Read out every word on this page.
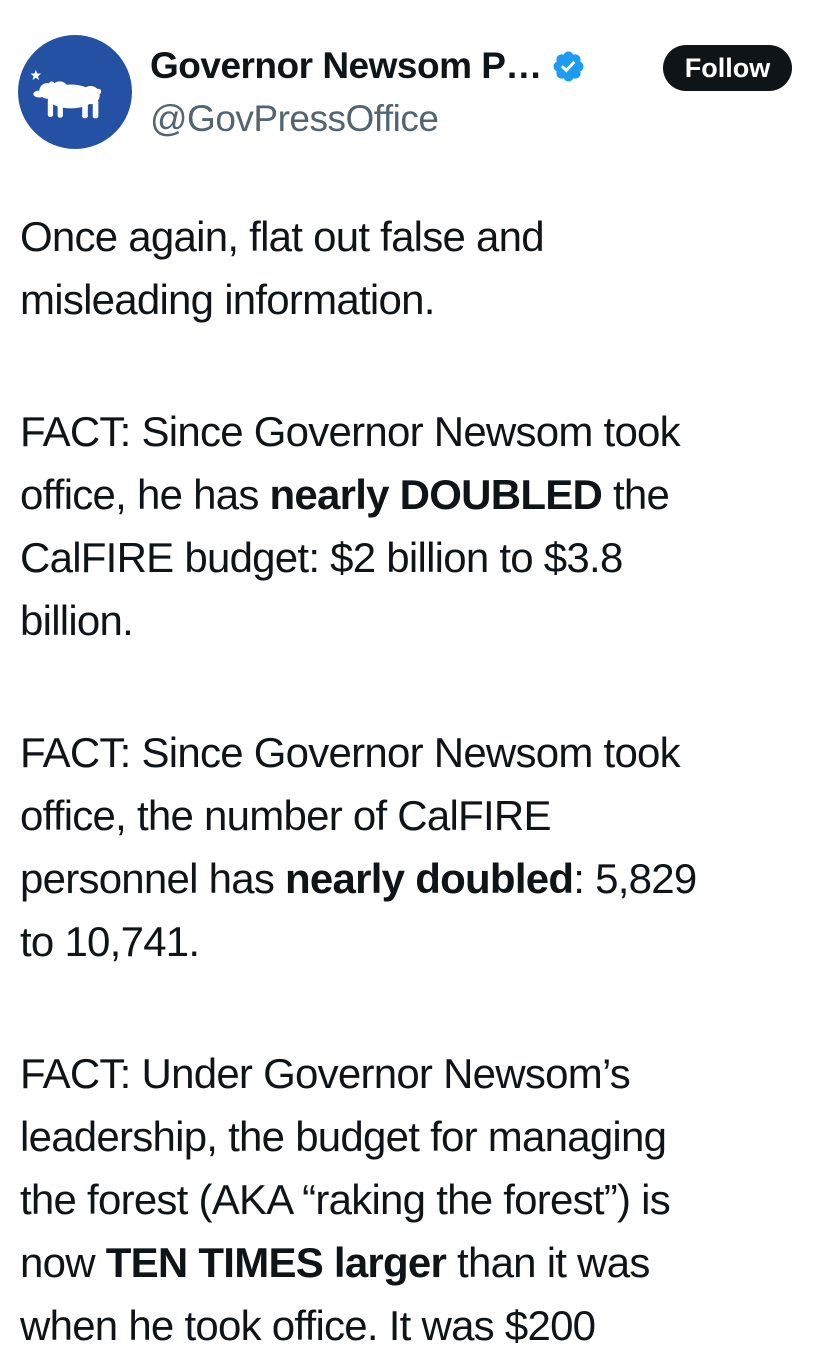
Governor Newsom P…
@GovPressOffice
Follow
Once again, flat out false and
misleading information.
FACT: Since Governor Newsom took
office, he has nearly DOUBLED the
CalFIRE budget: $2 billion to $3.8
billion.
FACT: Since Governor Newsom took
office, the number of CalFIRE
personnel has nearly doubled: 5,829
to 10,741.
FACT: Under Governor Newsom’s
leadership, the budget for managing
the forest (AKA “raking the forest”) is
now TEN TIMES larger than it was
when he took office. It was $200
